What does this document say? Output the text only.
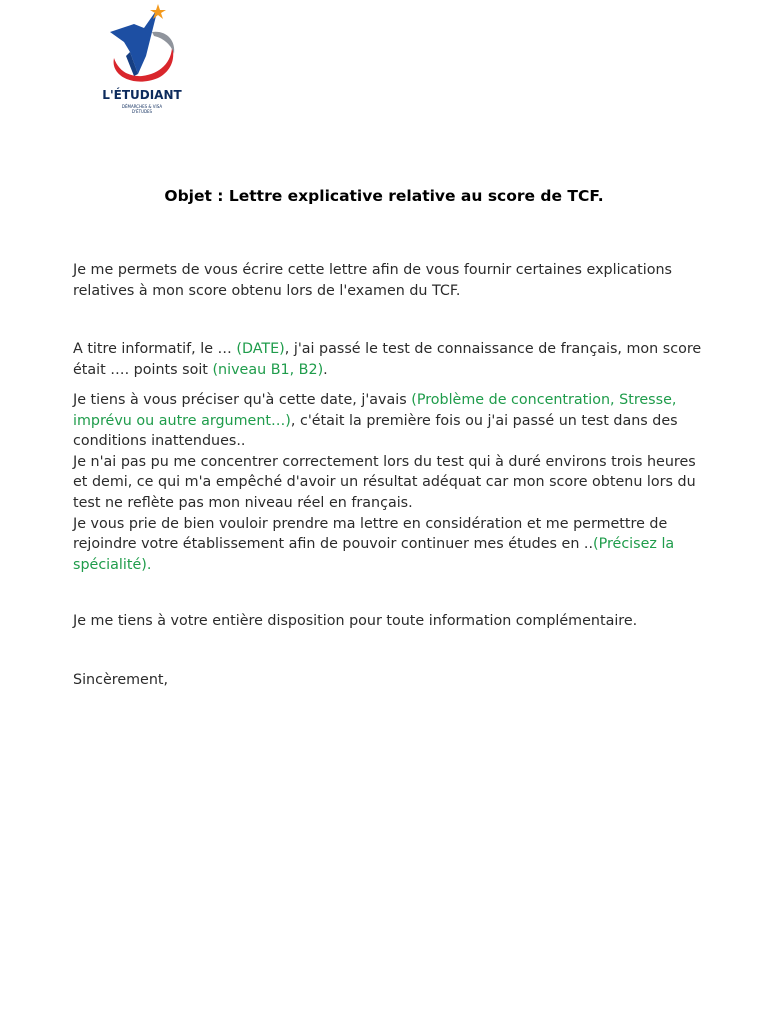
L'ÉTUDIANT
DÉMARCHES & VISA
D'ÉTUDES
Objet : Lettre explicative relative au score de TCF.
Je me permets de vous écrire cette lettre afin de vous fournir certaines explications relatives à mon score obtenu lors de l'examen du TCF.
A titre informatif, le … (DATE), j'ai passé le test de connaissance de français, mon score était …. points soit (niveau B1, B2).
Je tiens à vous préciser qu'à cette date, j'avais (Problème de concentration, Stresse, imprévu ou autre argument…), c'était la première fois ou j'ai passé un test dans des conditions inattendues..
Je n'ai pas pu me concentrer correctement lors du test qui à duré environs trois heures et demi, ce qui m'a empêché d'avoir un résultat adéquat car mon score obtenu lors du test ne reflète pas mon niveau réel en français.
Je vous prie de bien vouloir prendre ma lettre en considération et me permettre de rejoindre votre établissement afin de pouvoir continuer mes études en ..(Précisez la spécialité).
Je me tiens à votre entière disposition pour toute information complémentaire.
Sincèrement,
